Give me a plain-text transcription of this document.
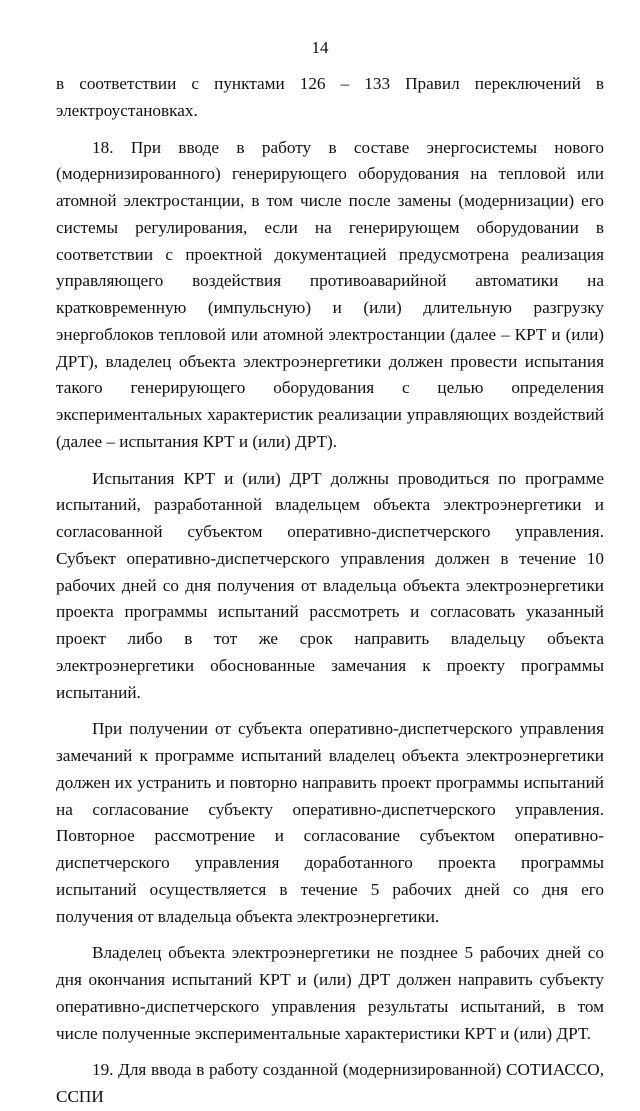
14

в соответствии с пунктами 126 – 133 Правил переключений в электроустановках.

18. При вводе в работу в составе энергосистемы нового (модернизированного) генерирующего оборудования на тепловой или атомной электростанции, в том числе после замены (модернизации) его системы регулирования, если на генерирующем оборудовании в соответствии с проектной документацией предусмотрена реализация управляющего воздействия противоаварийной автоматики на кратковременную (импульсную) и (или) длительную разгрузку энергоблоков тепловой или атомной электростанции (далее – КРТ и (или) ДРТ), владелец объекта электроэнергетики должен провести испытания такого генерирующего оборудования с целью определения экспериментальных характеристик реализации управляющих воздействий (далее – испытания КРТ и (или) ДРТ).

Испытания КРТ и (или) ДРТ должны проводиться по программе испытаний, разработанной владельцем объекта электроэнергетики и согласованной субъектом оперативно-диспетчерского управления. Субъект оперативно-диспетчерского управления должен в течение 10 рабочих дней со дня получения от владельца объекта электроэнергетики проекта программы испытаний рассмотреть и согласовать указанный проект либо в тот же срок направить владельцу объекта электроэнергетики обоснованные замечания к проекту программы испытаний.

При получении от субъекта оперативно-диспетчерского управления замечаний к программе испытаний владелец объекта электроэнергетики должен их устранить и повторно направить проект программы испытаний на согласование субъекту оперативно-диспетчерского управления. Повторное рассмотрение и согласование субъектом оперативно-диспетчерского управления доработанного проекта программы испытаний осуществляется в течение 5 рабочих дней со дня его получения от владельца объекта электроэнергетики.

Владелец объекта электроэнергетики не позднее 5 рабочих дней со дня окончания испытаний КРТ и (или) ДРТ должен направить субъекту оперативно-диспетчерского управления результаты испытаний, в том числе полученные экспериментальные характеристики КРТ и (или) ДРТ.

19. Для ввода в работу созданной (модернизированной) СОТИАССО, ССПИ
